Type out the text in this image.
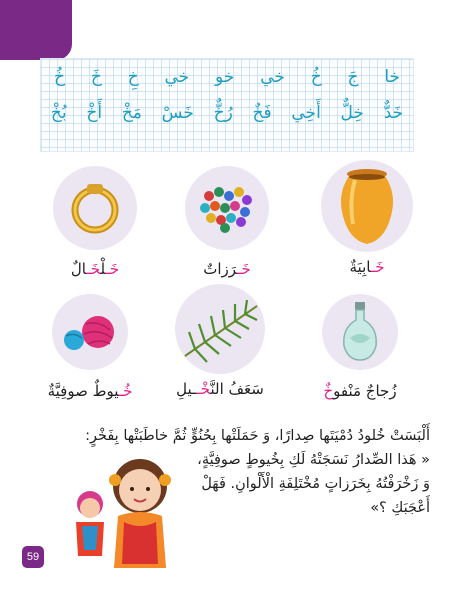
خُ خَ خِ خي خو خي خُ جَ خا
بُخْ أَخْ مَخْ خَسْ رُخٌّ فَخٌ أَخِي خِلٌّ خَدٌّ
خَـابِيَةٌ
خَـرَزاتٌ
خَـلْخَـالٌ
زُجاجٌ مَنْفوخٌ
سَعَفُ النَّخْــيلِ
خُـيوطٌ صوفِيَّةٌ
أَلْبَسَتْ خُلودُ دُمْيَتَها صِدارًا، وَ حَمَلَتْها بِحُنُوٍّ ثُمَّ خاطَبَتْها بِفَخْرٍ:
« هَذا الصِّدارُ نَسَجَتْهُ لَكِ بِخُيوطٍ صوفِيَّةٍ،
وَ زَخْرَفْتُهُ بِخَرَزاتٍ مُخْتَلِفَةِ الْأَلْوانِ. فَهَلْ
أَعْجَبَكِ ؟»
59
